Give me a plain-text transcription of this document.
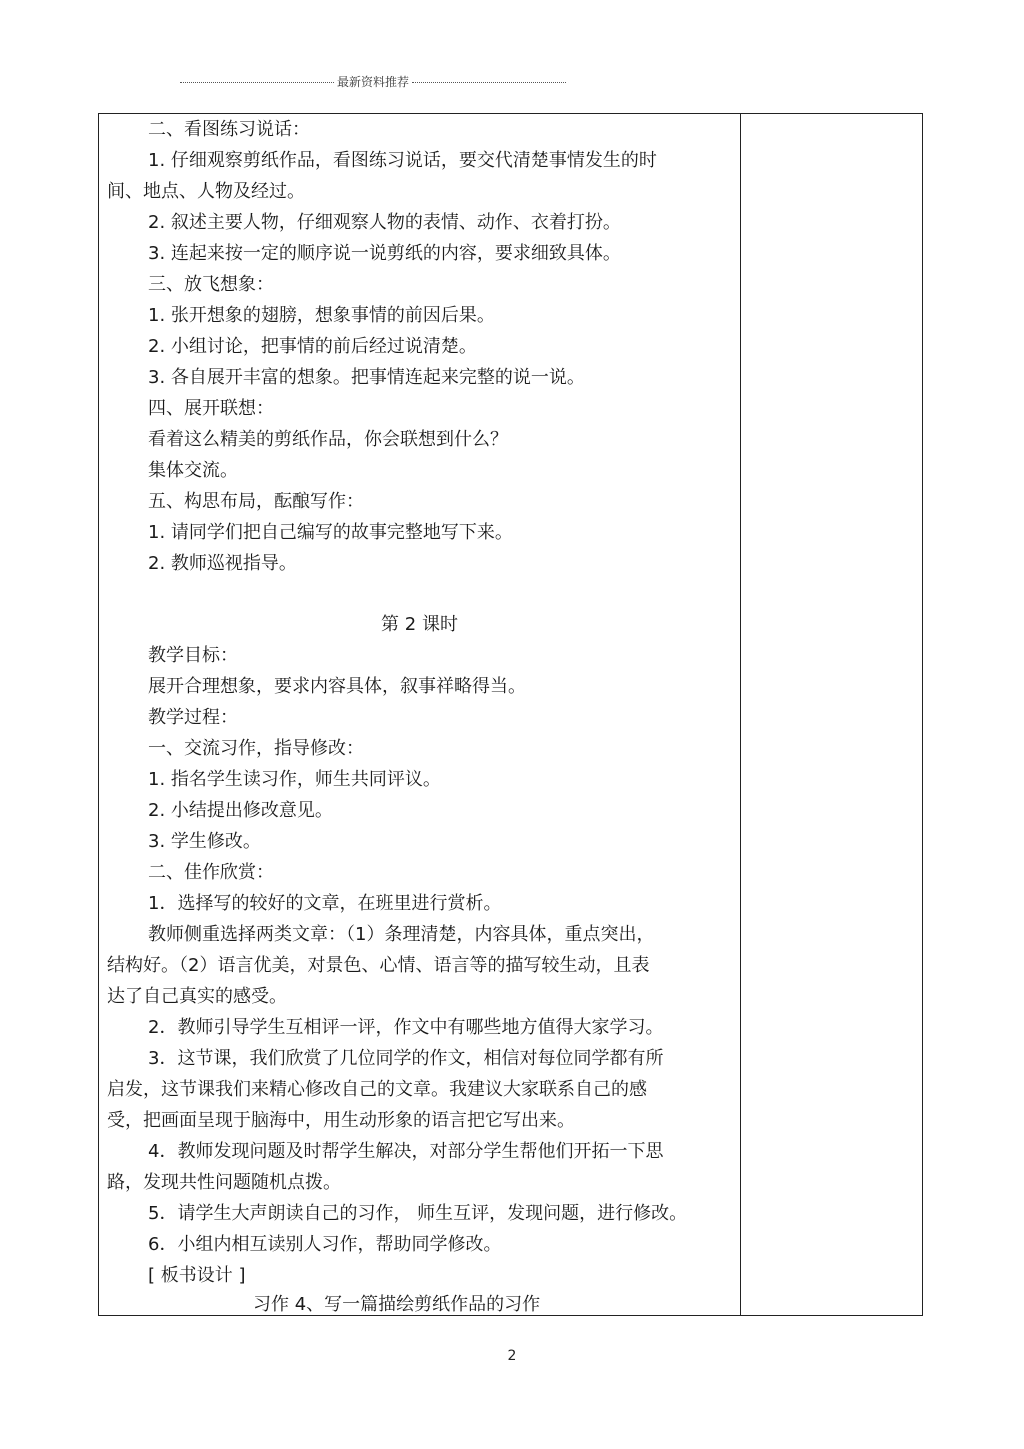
最新资料推荐
二、看图练习说话：
1. 仔细观察剪纸作品，看图练习说话，要交代清楚事情发生的时
间、地点、人物及经过。
2. 叙述主要人物，仔细观察人物的表情、动作、衣着打扮。
3. 连起来按一定的顺序说一说剪纸的内容，要求细致具体。
三、放飞想象：
1. 张开想象的翅膀，想象事情的前因后果。
2. 小组讨论，把事情的前后经过说清楚。
3. 各自展开丰富的想象。把事情连起来完整的说一说。
四、展开联想：
看着这么精美的剪纸作品，你会联想到什么？
集体交流。
五、构思布局，酝酿写作：
1. 请同学们把自己编写的故事完整地写下来。
2. 教师巡视指导。
第 2 课时
教学目标：
展开合理想象，要求内容具体，叙事祥略得当。
教学过程：
一、交流习作，指导修改：
1. 指名学生读习作，师生共同评议。
2. 小结提出修改意见。
3. 学生修改。
二、佳作欣赏：
1．选择写的较好的文章，在班里进行赏析。
教师侧重选择两类文章：（1）条理清楚，内容具体，重点突出，
结构好。（2）语言优美，对景色、心情、语言等的描写较生动，且表
达了自己真实的感受。
2．教师引导学生互相评一评，作文中有哪些地方值得大家学习。
3．这节课，我们欣赏了几位同学的作文，相信对每位同学都有所
启发，这节课我们来精心修改自己的文章。我建议大家联系自己的感
受，把画面呈现于脑海中，用生动形象的语言把它写出来。
4．教师发现问题及时帮学生解决，对部分学生帮他们开拓一下思
路，发现共性问题随机点拨。
5．请学生大声朗读自己的习作， 师生互评，发现问题，进行修改。
6．小组内相互读别人习作，帮助同学修改。
[ 板书设计 ]
习作 4、写一篇描绘剪纸作品的习作
2
